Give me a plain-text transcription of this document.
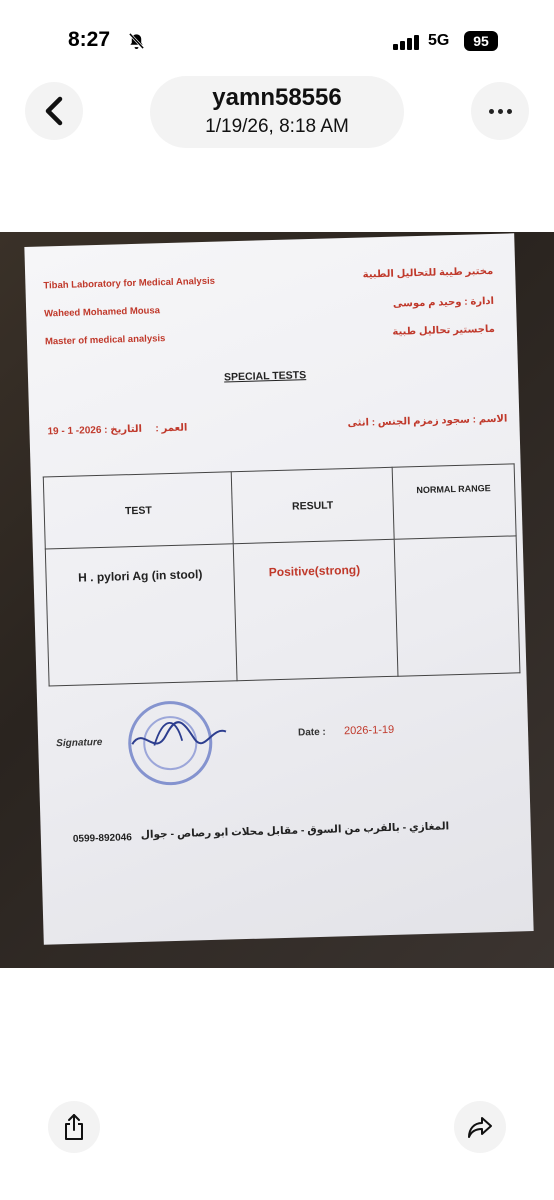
8:27	5G	95
yamn58556
1/19/26, 8:18 AM
Tibah Laboratory for Medical Analysis
Waheed Mohamed Mousa
Master of medical analysis
مختبر طيبة للتحاليل الطبية
ادارة : وحيد م موسى
ماجستير تحاليل طبية
SPECIAL TESTS
19 - 1 -2026 : التاريخ العمر :	الاسم : سجود زمزم الجنس : انثى
TEST	RESULT	NORMAL RANGE
H . pylori Ag (in stool)	Positive(strong)	
Signature
Date : 2026-1-19
0599-892046 المغازي - بالقرب من السوق - مقابل محلات ابو رصاص - جوال
